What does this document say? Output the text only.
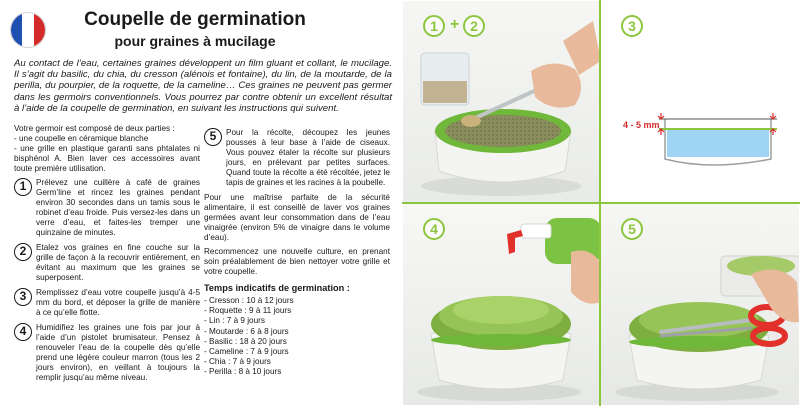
Coupelle de germination
pour graines à mucilage
Au contact de l’eau, certaines graines développent un film gluant et collant, le mucilage. Il s’agit du basilic, du chia, du cresson (alénois et fontaine), du lin, de la moutarde, de la perilla, du pourpier, de la roquette, de la cameline… Ces graines ne peuvent pas germer dans les germoirs conventionnels. Vous pourrez par contre obtenir un excellent résultat à l’aide de la coupelle de germination, en suivant les instructions qui suivent.
Votre germoir est composé de deux parties :
- une coupelle en céramique blanche
- une grille en plastique garanti sans phtalates ni bisphénol A. Bien laver ces accessoires avant toute première utilisation.
1	Prélevez une cuillère à café de graines Germ’line et rincez les graines pendant environ 30 secondes dans un tamis sous le robinet d’eau froide. Puis versez-les dans un verre d’eau, et faites-les tremper une quinzaine de minutes.
2	Etalez vos graines en fine couche sur la grille de façon à la recouvrir entièrement, en évitant au maximum que les graines se superposent.
3	Remplissez d’eau votre coupelle jusqu’à 4-5 mm du bord, et déposer la grille de manière à ce qu’elle flotte.
4	Humidifiez les graines une fois par jour à l’aide d’un pistolet brumisateur. Pensez à renouveler l’eau de la coupelle dès qu’elle prend une légère couleur marron (tous les 2 jours environ), en veillant à toujours la remplir jusqu’au même niveau.
5	Pour la récolte, découpez les jeunes pousses à leur base à l’aide de ciseaux. Vous pouvez étaler la récolte sur plusieurs jours, en prélevant par petites surfaces. Quand toute la récolte a été récoltée, jetez le tapis de graines et les racines à la poubelle.
Pour une maîtrise parfaite de la sécurité alimentaire, il est conseillé de laver vos graines germées avant leur consommation dans de l’eau vinaigrée (environ 5% de vinaigre dans le volume d’eau).
Recommencez une nouvelle culture, en prenant soin préalablement de bien nettoyer votre grille et votre coupelle.
Temps indicatifs de germination :
- Cresson : 10 à 12 jours
- Roquette : 9 à 11 jours
- Lin : 7 à 9 jours
- Moutarde : 6 à 8 jours
- Basilic : 18 à 20 jours
- Cameline : 7 à 9 jours
- Chia : 7 à 9 jours
- Perilla : 8 à 10 jours
1 + 2	3
4 - 5 mm
4	5
